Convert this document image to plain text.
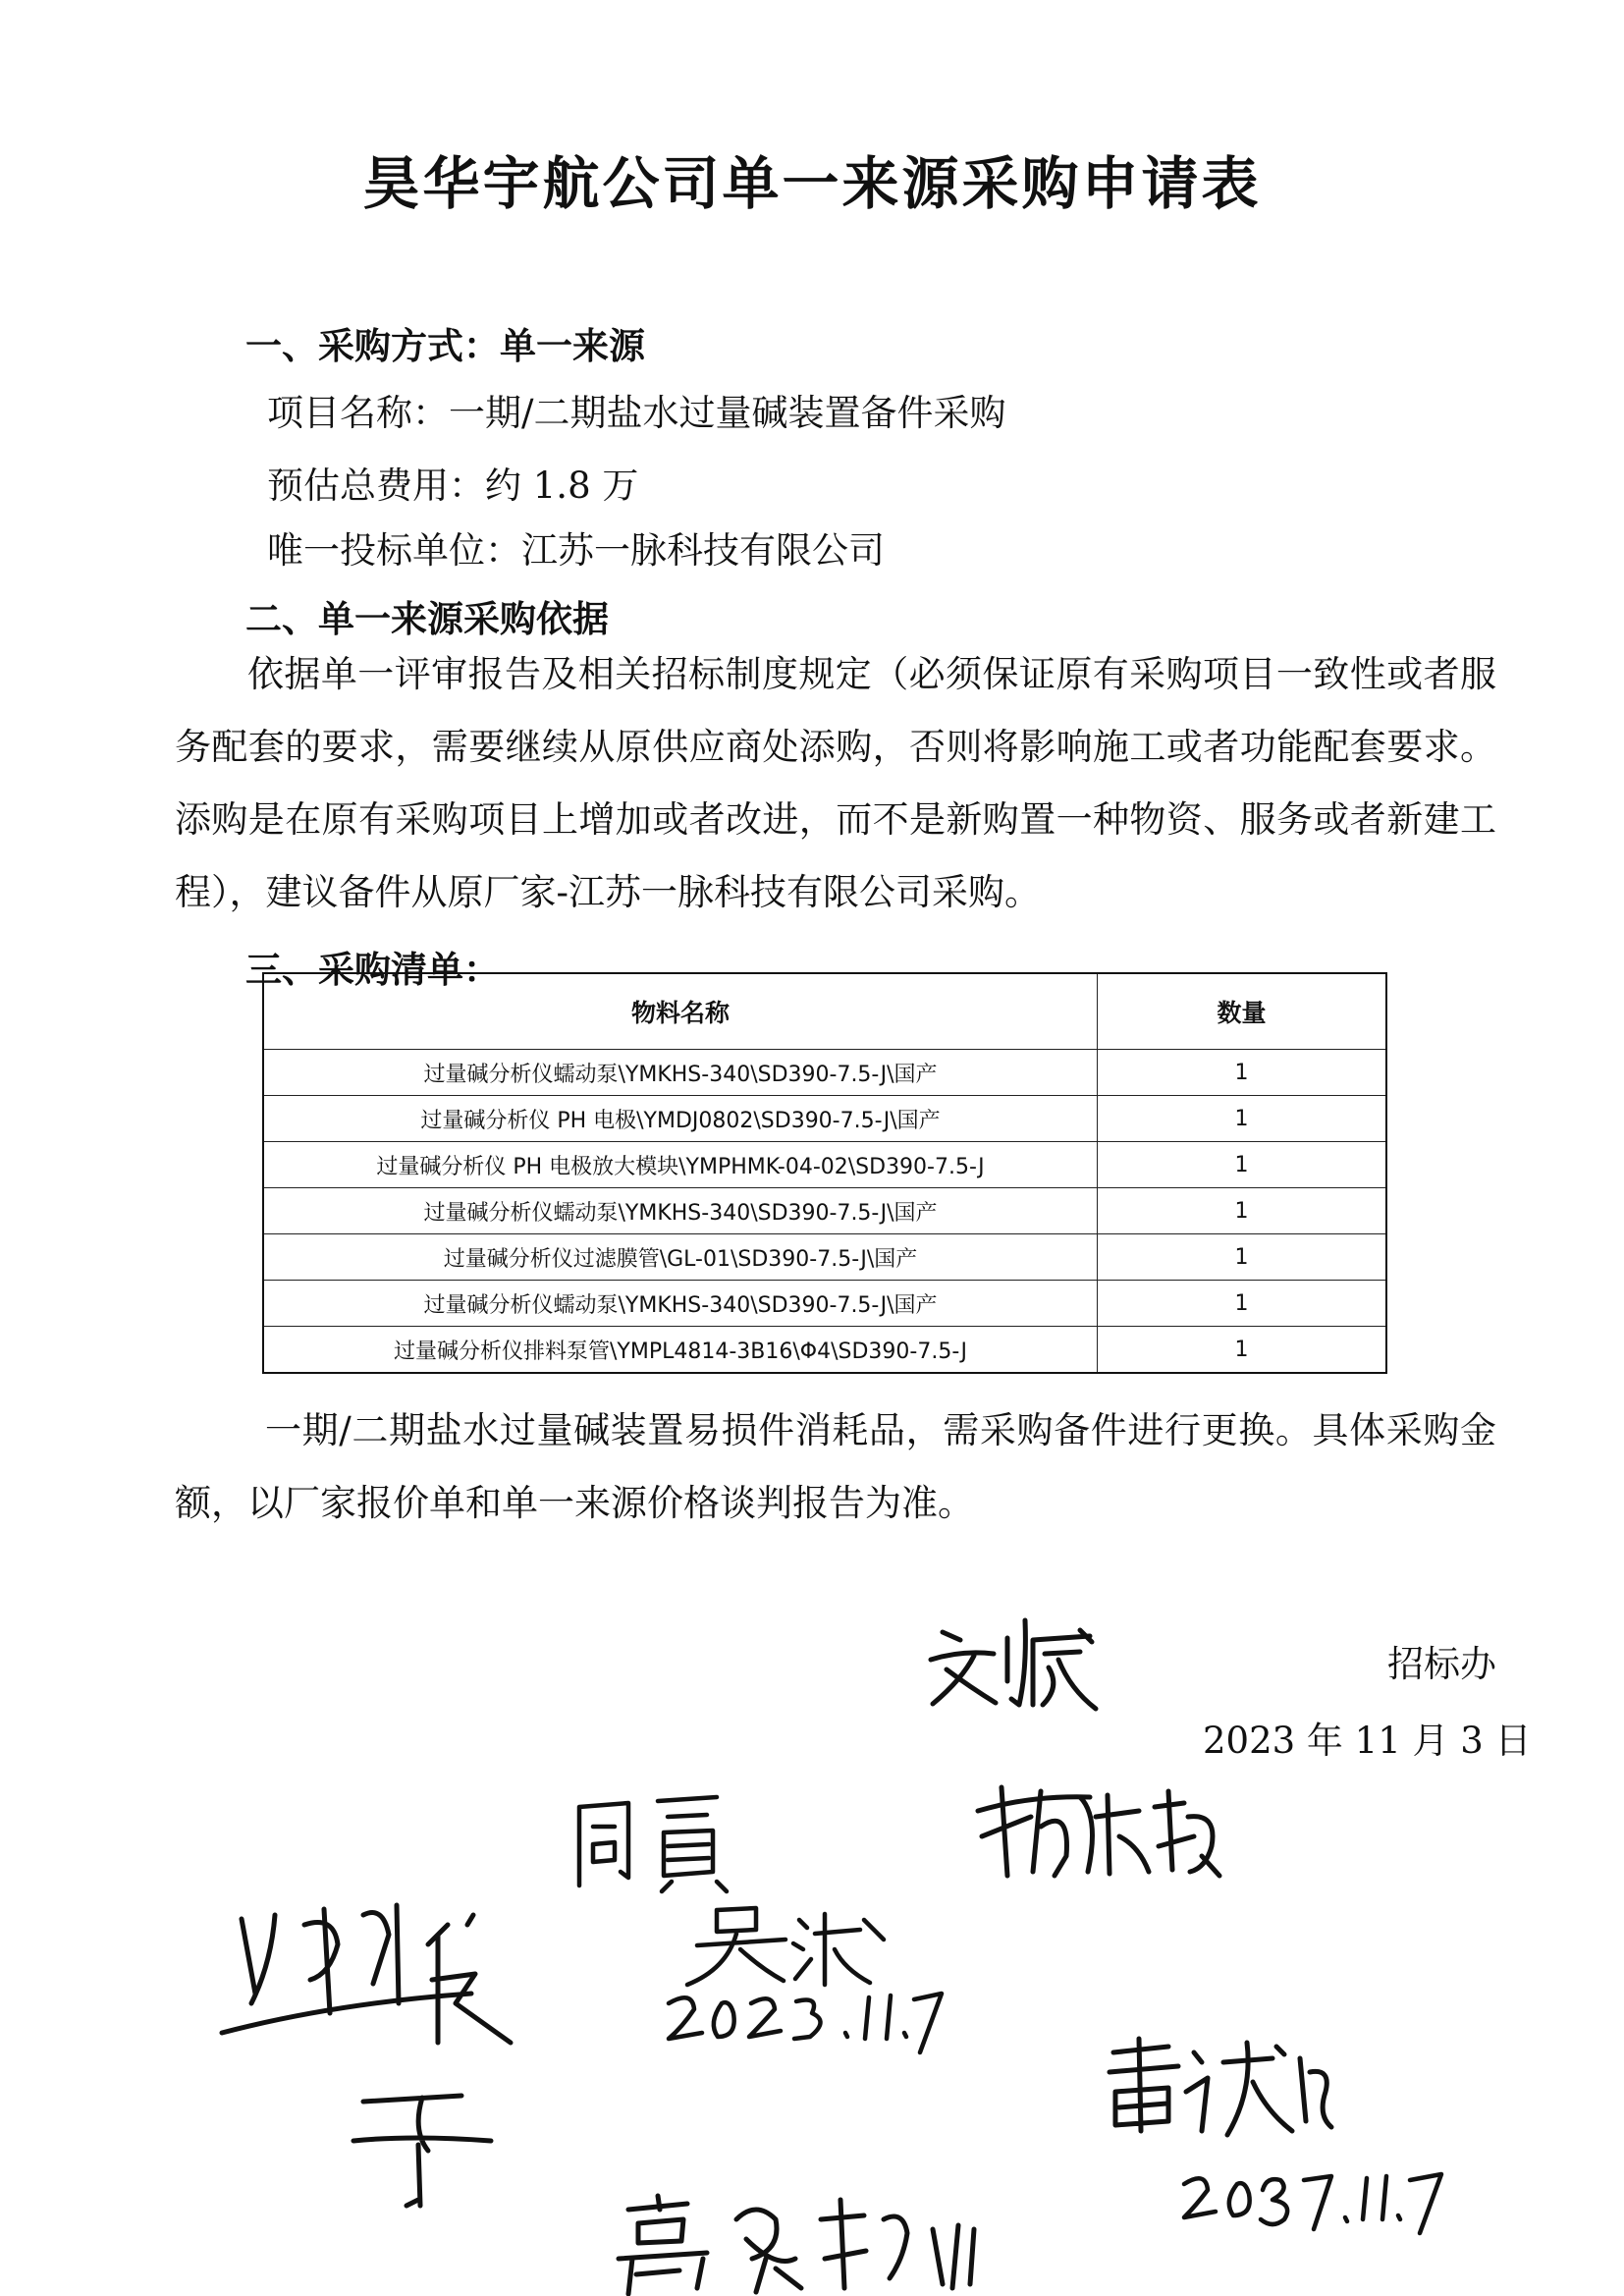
昊华宇航公司单一来源采购申请表
一、采购方式：单一来源
项目名称：一期/二期盐水过量碱装置备件采购
预估总费用：约 1.8 万
唯一投标单位：江苏一脉科技有限公司
二、单一来源采购依据
依据单一评审报告及相关招标制度规定（必须保证原有采购项目一致性或者服务配套的要求，需要继续从原供应商处添购，否则将影响施工或者功能配套要求。添购是在原有采购项目上增加或者改进，而不是新购置一种物资、服务或者新建工程），建议备件从原厂家-江苏一脉科技有限公司采购。
三、采购清单：
物料名称	数量
过量碱分析仪蠕动泵\YMKHS-340\SD390-7.5-J\国产	1
过量碱分析仪 PH 电极\YMDJ0802\SD390-7.5-J\国产	1
过量碱分析仪 PH 电极放大模块\YMPHMK-04-02\SD390-7.5-J	1
过量碱分析仪蠕动泵\YMKHS-340\SD390-7.5-J\国产	1
过量碱分析仪过滤膜管\GL-01\SD390-7.5-J\国产	1
过量碱分析仪蠕动泵\YMKHS-340\SD390-7.5-J\国产	1
过量碱分析仪排料泵管\YMPL4814-3B16\Φ4\SD390-7.5-J	1
一期/二期盐水过量碱装置易损件消耗品，需采购备件进行更换。具体采购金额，以厂家报价单和单一来源价格谈判报告为准。
招标办
2023 年 11 月 3 日
